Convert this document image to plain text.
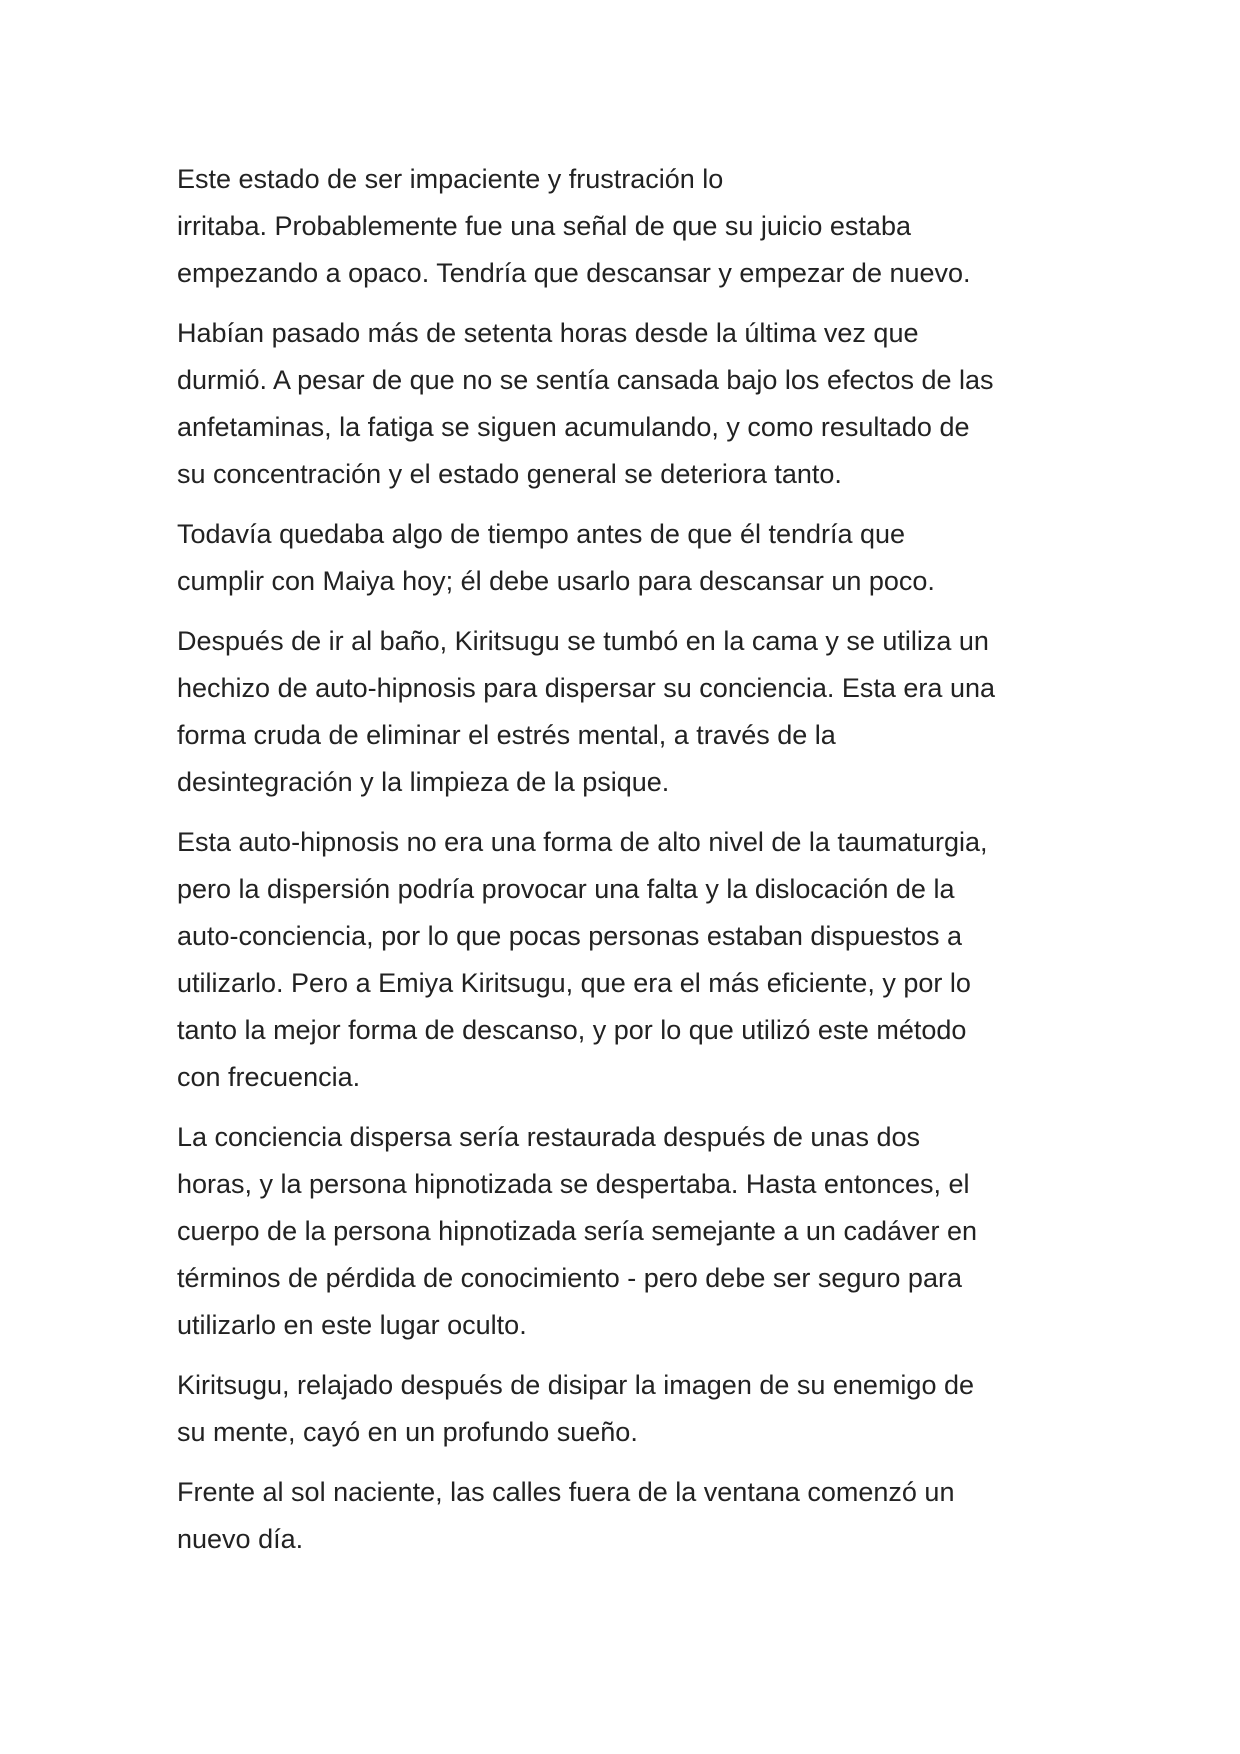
Este estado de ser impaciente y frustración lo
irritaba. Probablemente fue una señal de que su juicio estaba
empezando a opaco. Tendría que descansar y empezar de nuevo.

Habían pasado más de setenta horas desde la última vez que
durmió. A pesar de que no se sentía cansada bajo los efectos de las
anfetaminas, la fatiga se siguen acumulando, y como resultado de
su concentración y el estado general se deteriora tanto.

Todavía quedaba algo de tiempo antes de que él tendría que
cumplir con Maiya hoy; él debe usarlo para descansar un poco.

Después de ir al baño, Kiritsugu se tumbó en la cama y se utiliza un
hechizo de auto-hipnosis para dispersar su conciencia. Esta era una
forma cruda de eliminar el estrés mental, a través de la
desintegración y la limpieza de la psique.

Esta auto-hipnosis no era una forma de alto nivel de la taumaturgia,
pero la dispersión podría provocar una falta y la dislocación de la
auto-conciencia, por lo que pocas personas estaban dispuestos a
utilizarlo. Pero a Emiya Kiritsugu, que era el más eficiente, y por lo
tanto la mejor forma de descanso, y por lo que utilizó este método
con frecuencia.

La conciencia dispersa sería restaurada después de unas dos
horas, y la persona hipnotizada se despertaba. Hasta entonces, el
cuerpo de la persona hipnotizada sería semejante a un cadáver en
términos de pérdida de conocimiento - pero debe ser seguro para
utilizarlo en este lugar oculto.

Kiritsugu, relajado después de disipar la imagen de su enemigo de
su mente, cayó en un profundo sueño.

Frente al sol naciente, las calles fuera de la ventana comenzó un
nuevo día.
